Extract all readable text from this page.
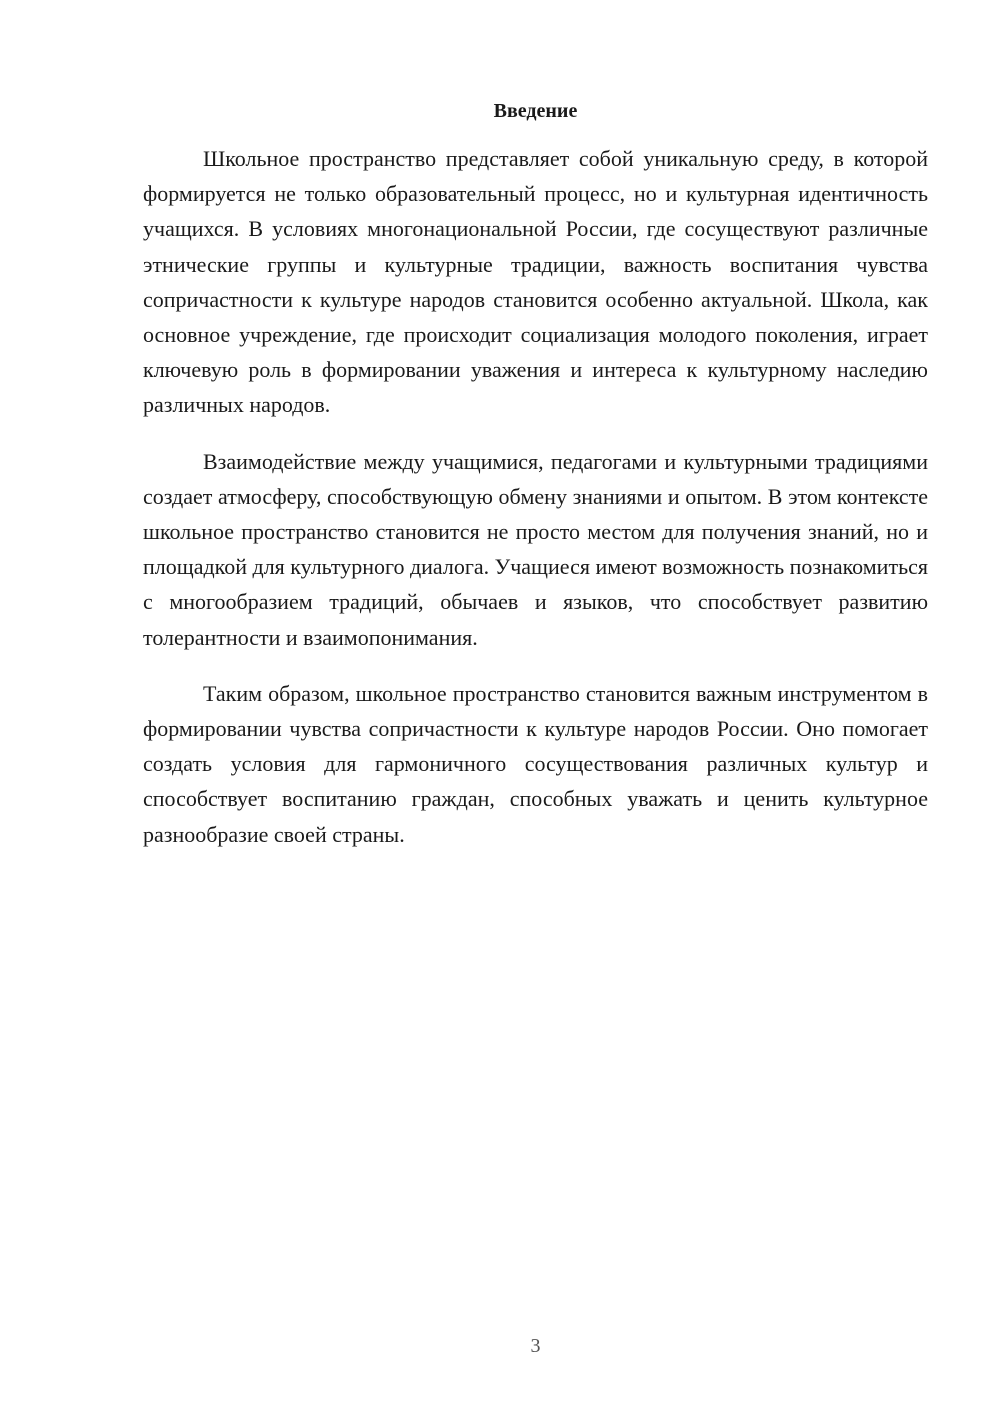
Введение

Школьное пространство представляет собой уникальную среду, в которой формируется не только образовательный процесс, но и культурная идентичность учащихся. В условиях многонациональной России, где сосуществуют различные этнические группы и культурные традиции, важность воспитания чувства сопричастности к культуре народов становится особенно актуальной. Школа, как основное учреждение, где происходит социализация молодого поколения, играет ключевую роль в формировании уважения и интереса к культурному наследию различных народов.

Взаимодействие между учащимися, педагогами и культурными традициями создает атмосферу, способствующую обмену знаниями и опытом. В этом контексте школьное пространство становится не просто местом для получения знаний, но и площадкой для культурного диалога. Учащиеся имеют возможность познакомиться с многообразием традиций, обычаев и языков, что способствует развитию толерантности и взаимопонимания.

Таким образом, школьное пространство становится важным инструментом в формировании чувства сопричастности к культуре народов России. Оно помогает создать условия для гармоничного сосуществования различных культур и способствует воспитанию граждан, способных уважать и ценить культурное разнообразие своей страны.

3
